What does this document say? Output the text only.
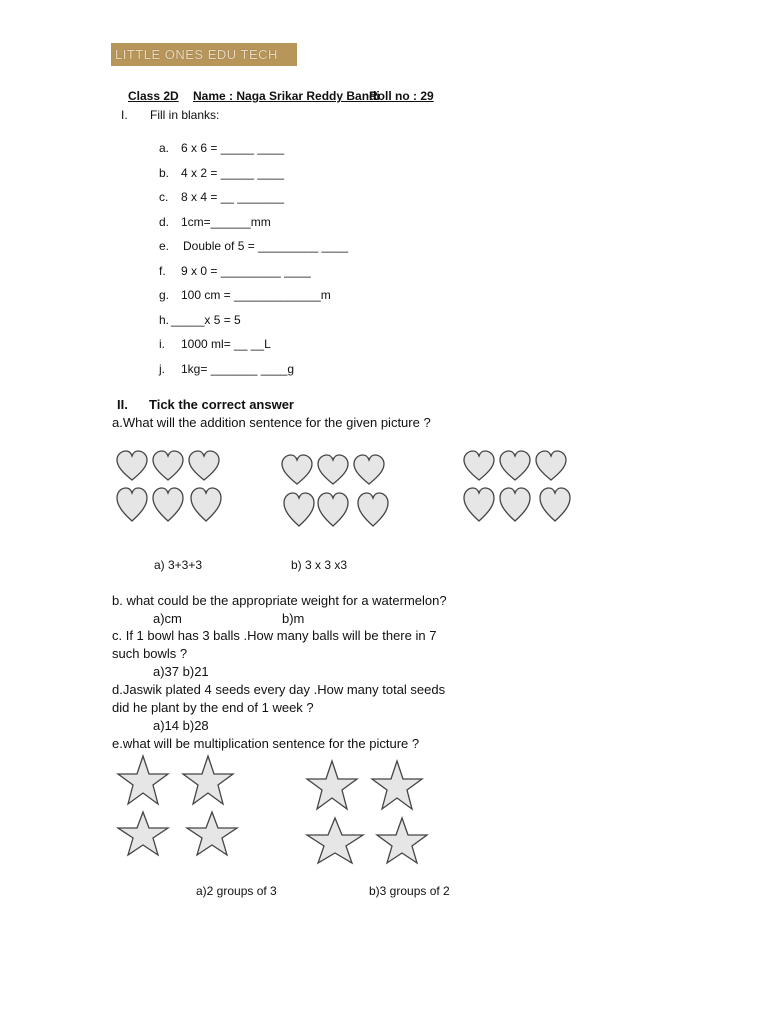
LITTLE ONES EDU TECH
Class 2D Name : Naga Srikar Reddy Bandi
Roll no : 29
I. Fill in blanks:
a. 6 x 6 = _____ ____
b. 4 x 2 = _____ ____
c. 8 x 4 = __ _______
d. 1cm=______mm
e. Double of 5 = _________ ____
f. 9 x 0 = _________ ____
g. 100 cm = _____________m
h. _____x 5 = 5
i. 1000 ml= __ __L
j. 1kg= _______ ____g
II. Tick the correct answer
a.What will the addition sentence for the given picture ?
a) 3+3+3	b) 3 x 3 x3
b. what could be the appropriate weight for a watermelon?
a)cm	b)m
c. If 1 bowl has 3 balls .How many balls will be there in 7
such bowls ?
a)37 b)21
d.Jaswik plated 4 seeds every day .How many total seeds
did he plant by the end of 1 week ?
a)14 b)28
e.what will be multiplication sentence for the picture ?
a)2 groups of 3	b)3 groups of 2
